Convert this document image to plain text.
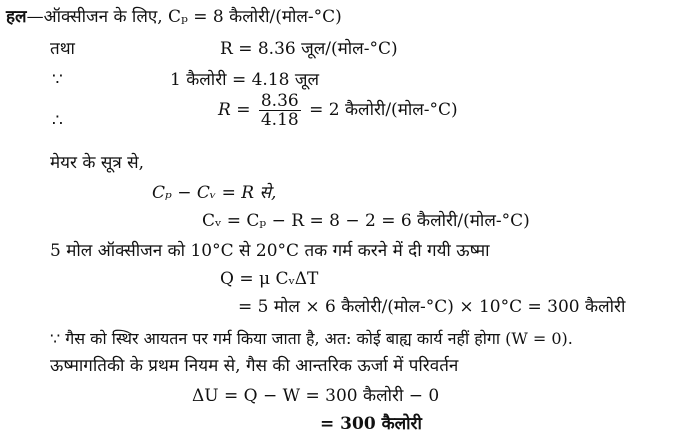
हल—ऑक्सीजन के लिए, Cₚ = 8 कैलोरी/(मोल-°C)
तथा	R = 8.36 जूल/(मोल-°C)
∵	1 कैलोरी = 4.18 जूल
∴
$R = \frac{8.36}{4.18} = 2$ कैलोरी/(मोल-°C)
मेयर के सूत्र से,
Cₚ − Cᵥ = R से,
Cᵥ = Cₚ − R = 8 − 2 = 6 कैलोरी/(मोल-°C)
5 मोल ऑक्सीजन को 10°C से 20°C तक गर्म करने में दी गयी ऊष्मा
Q = μ CᵥΔT
= 5 मोल × 6 कैलोरी/(मोल-°C) × 10°C = 300 कैलोरी
∵ गैस को स्थिर आयतन पर गर्म किया जाता है, अत: कोई बाह्य कार्य नहीं होगा (W = 0).
ऊष्मागतिकी के प्रथम नियम से, गैस की आन्तरिक ऊर्जा में परिवर्तन
ΔU = Q − W = 300 कैलोरी − 0
= 300 कैलोरी
